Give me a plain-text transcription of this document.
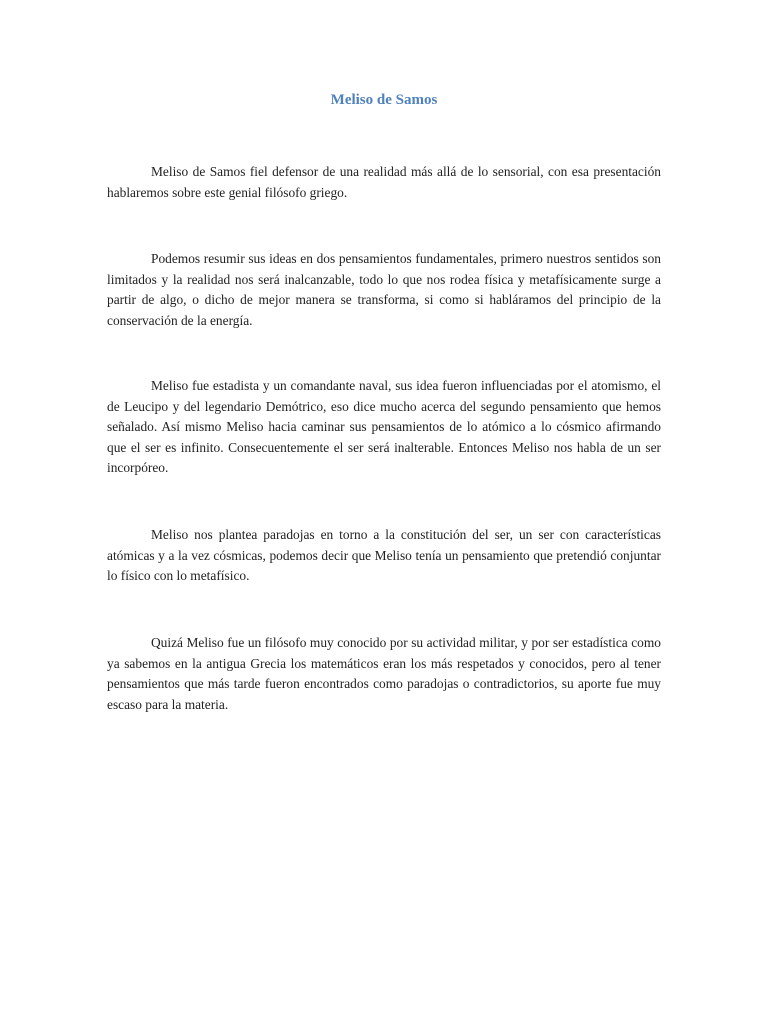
Meliso de Samos

Meliso de Samos fiel defensor de una realidad más allá de lo sensorial, con esa presentación hablaremos sobre este genial filósofo griego.

Podemos resumir sus ideas en dos pensamientos fundamentales, primero nuestros sentidos son limitados y la realidad nos será inalcanzable, todo lo que nos rodea física y metafísicamente surge a partir de algo, o dicho de mejor manera se transforma, si como si habláramos del principio de la conservación de la energía.

Meliso fue estadista y un comandante naval, sus idea fueron influenciadas por el atomismo, el de Leucipo y del legendario Demótrico, eso dice mucho acerca del segundo pensamiento que hemos señalado. Así mismo Meliso hacia caminar sus pensamientos de lo atómico a lo cósmico afirmando que el ser es infinito. Consecuentemente el ser será inalterable. Entonces Meliso nos habla de un ser incorpóreo.

Meliso nos plantea paradojas en torno a la constitución del ser, un ser con características atómicas y a la vez cósmicas, podemos decir que Meliso tenía un pensamiento que pretendió conjuntar lo físico con lo metafísico.

Quizá Meliso fue un filósofo muy conocido por su actividad militar, y por ser estadística como ya sabemos en la antigua Grecia los matemáticos eran los más respetados y conocidos, pero al tener pensamientos que más tarde fueron encontrados como paradojas o contradictorios, su aporte fue muy escaso para la materia.
